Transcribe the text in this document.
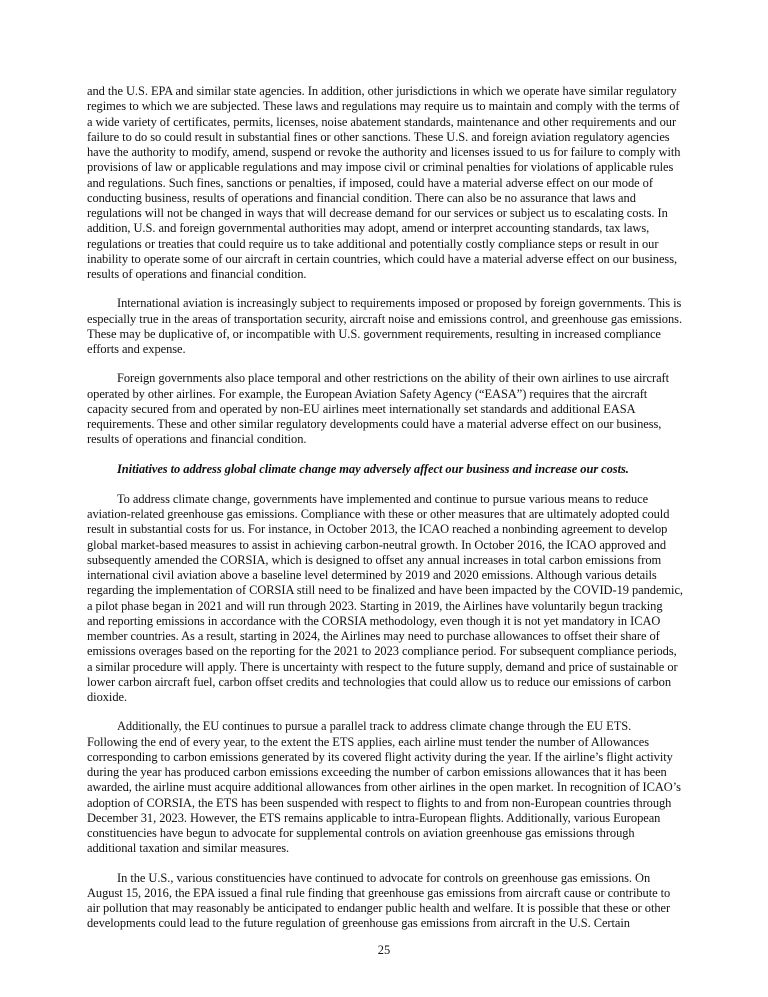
and the U.S. EPA and similar state agencies. In addition, other jurisdictions in which we operate have similar regulatory regimes to which we are subjected. These laws and regulations may require us to maintain and comply with the terms of a wide variety of certificates, permits, licenses, noise abatement standards, maintenance and other requirements and our failure to do so could result in substantial fines or other sanctions. These U.S. and foreign aviation regulatory agencies have the authority to modify, amend, suspend or revoke the authority and licenses issued to us for failure to comply with provisions of law or applicable regulations and may impose civil or criminal penalties for violations of applicable rules and regulations. Such fines, sanctions or penalties, if imposed, could have a material adverse effect on our mode of conducting business, results of operations and financial condition. There can also be no assurance that laws and regulations will not be changed in ways that will decrease demand for our services or subject us to escalating costs. In addition, U.S. and foreign governmental authorities may adopt, amend or interpret accounting standards, tax laws, regulations or treaties that could require us to take additional and potentially costly compliance steps or result in our inability to operate some of our aircraft in certain countries, which could have a material adverse effect on our business, results of operations and financial condition.

International aviation is increasingly subject to requirements imposed or proposed by foreign governments. This is especially true in the areas of transportation security, aircraft noise and emissions control, and greenhouse gas emissions. These may be duplicative of, or incompatible with U.S. government requirements, resulting in increased compliance efforts and expense.

Foreign governments also place temporal and other restrictions on the ability of their own airlines to use aircraft operated by other airlines. For example, the European Aviation Safety Agency (“EASA”) requires that the aircraft capacity secured from and operated by non-EU airlines meet internationally set standards and additional EASA requirements. These and other similar regulatory developments could have a material adverse effect on our business, results of operations and financial condition.

Initiatives to address global climate change may adversely affect our business and increase our costs.

To address climate change, governments have implemented and continue to pursue various means to reduce aviation-related greenhouse gas emissions. Compliance with these or other measures that are ultimately adopted could result in substantial costs for us. For instance, in October 2013, the ICAO reached a nonbinding agreement to develop global market-based measures to assist in achieving carbon-neutral growth. In October 2016, the ICAO approved and subsequently amended the CORSIA, which is designed to offset any annual increases in total carbon emissions from international civil aviation above a baseline level determined by 2019 and 2020 emissions. Although various details regarding the implementation of CORSIA still need to be finalized and have been impacted by the COVID-19 pandemic, a pilot phase began in 2021 and will run through 2023. Starting in 2019, the Airlines have voluntarily begun tracking and reporting emissions in accordance with the CORSIA methodology, even though it is not yet mandatory in ICAO member countries. As a result, starting in 2024, the Airlines may need to purchase allowances to offset their share of emissions overages based on the reporting for the 2021 to 2023 compliance period. For subsequent compliance periods, a similar procedure will apply. There is uncertainty with respect to the future supply, demand and price of sustainable or lower carbon aircraft fuel, carbon offset credits and technologies that could allow us to reduce our emissions of carbon dioxide.

Additionally, the EU continues to pursue a parallel track to address climate change through the EU ETS. Following the end of every year, to the extent the ETS applies, each airline must tender the number of Allowances corresponding to carbon emissions generated by its covered flight activity during the year. If the airline’s flight activity during the year has produced carbon emissions exceeding the number of carbon emissions allowances that it has been awarded, the airline must acquire additional allowances from other airlines in the open market. In recognition of ICAO’s adoption of CORSIA, the ETS has been suspended with respect to flights to and from non-European countries through December 31, 2023. However, the ETS remains applicable to intra-European flights. Additionally, various European constituencies have begun to advocate for supplemental controls on aviation greenhouse gas emissions through additional taxation and similar measures.

In the U.S., various constituencies have continued to advocate for controls on greenhouse gas emissions. On August 15, 2016, the EPA issued a final rule finding that greenhouse gas emissions from aircraft cause or contribute to air pollution that may reasonably be anticipated to endanger public health and welfare. It is possible that these or other developments could lead to the future regulation of greenhouse gas emissions from aircraft in the U.S. Certain

25
